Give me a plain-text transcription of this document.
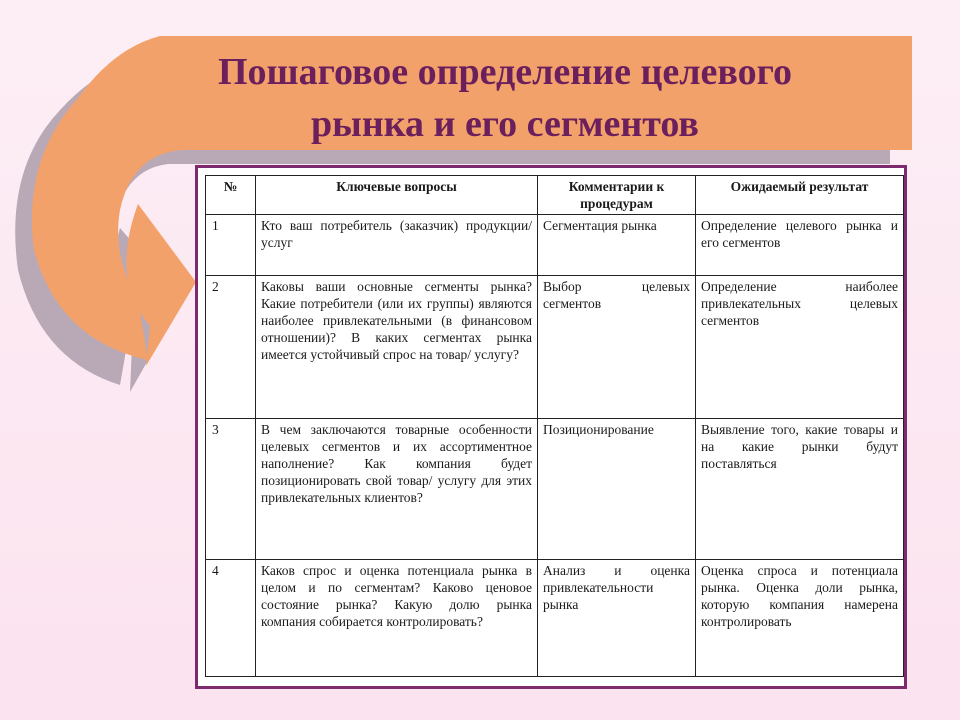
Пошаговое определение целевого
рынка и его сегментов
№	Ключевые вопросы	Комментарии к процедурам	Ожидаемый результат
1	Кто ваш потребитель (заказчик) продукции/услуг	Сегментация рынка	Определение целевого рынка и его сегментов
2	Каковы ваши основные сегменты рынка? Какие потребители (или их группы) являются наиболее привлекательными (в финансовом отношении)? В каких сегментах рынка имеется устойчивый спрос на товар/ услугу?	Выбор целевых сегментов	Определение наиболее привлекательных целевых сегментов
3	В чем заключаются товарные особенности целевых сегментов и их ассортиментное наполнение? Как компания будет позиционировать свой товар/ услугу для этих привлекательных клиентов?	Позиционирование	Выявление того, какие товары и на какие рынки будут поставляться
4	Каков спрос и оценка потенциала рынка в целом и по сегментам? Каково ценовое состояние рынка? Какую долю рынка компания собирается контролировать?	Анализ и оценка привлекательности рынка	Оценка спроса и потенциала рынка. Оценка доли рынка, которую компания намерена контролировать
